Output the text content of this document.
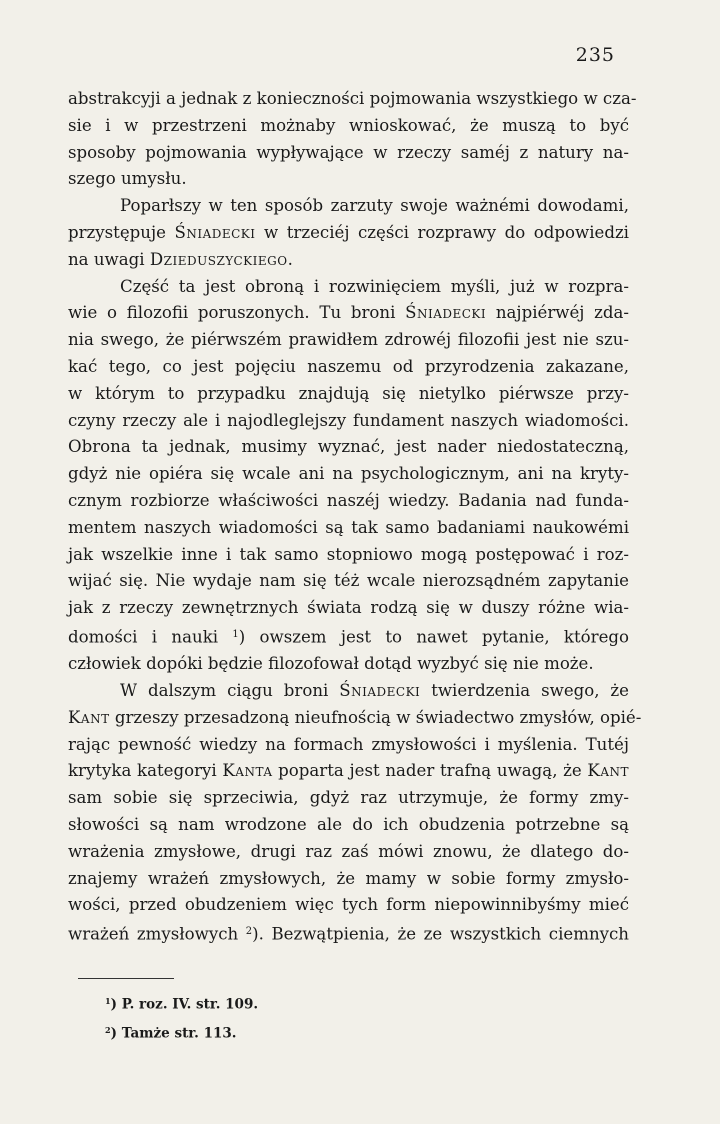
235
abstrakcyji a jednak z konieczności pojmowania wszystkiego w cza-
sie i w przestrzeni możnaby wnioskować, że muszą to być
sposoby pojmowania wypływające w rzeczy saméj z natury na-
szego umysłu.
Poparłszy w ten sposób zarzuty swoje ważnémi dowodami,
przystępuje Śniadecki w trzeciéj części rozprawy do odpowiedzi
na uwagi Dzieduszyckiego.
Część ta jest obroną i rozwinięciem myśli, już w rozpra-
wie o filozofii poruszonych. Tu broni Śniadecki najpiérwéj zda-
nia swego, że piérwszém prawidłem zdrowéj filozofii jest nie szu-
kać tego, co jest pojęciu naszemu od przyrodzenia zakazane,
w którym to przypadku znajdują się nietylko piérwsze przy-
czyny rzeczy ale i najodleglejszy fundament naszych wiadomości.
Obrona ta jednak, musimy wyznać, jest nader niedostateczną,
gdyż nie opiéra się wcale ani na psychologicznym, ani na kryty-
cznym rozbiorze właściwości naszéj wiedzy. Badania nad funda-
mentem naszych wiadomości są tak samo badaniami naukowémi
jak wszelkie inne i tak samo stopniowo mogą postępować i roz-
wijać się. Nie wydaje nam się téż wcale nierozsądném zapytanie
jak z rzeczy zewnętrznych świata rodzą się w duszy różne wia-
domości i nauki $^1$) owszem jest to nawet pytanie, którego
człowiek dopóki będzie filozofował dotąd wyzbyć się nie może.
W dalszym ciągu broni Śniadecki twierdzenia swego, że
Kant grzeszy przesadzoną nieufnością w świadectwo zmysłów, opié-
rając pewność wiedzy na formach zmysłowości i myślenia. Tutéj
krytyka kategoryi Kanta poparta jest nader trafną uwagą, że Kant
sam sobie się sprzeciwia, gdyż raz utrzymuje, że formy zmy-
słowości są nam wrodzone ale do ich obudzenia potrzebne są
wrażenia zmysłowe, drugi raz zaś mówi znowu, że dlatego do-
znajemy wrażeń zmysłowych, że mamy w sobie formy zmysło-
wości, przed obudzeniem więc tych form niepowinnibyśmy mieć
wrażeń zmysłowych $^2$). Bezwątpienia, że ze wszystkich ciemnych
$^1$) P. roz. IV. str. 109.
$^2$) Tamże str. 113.
